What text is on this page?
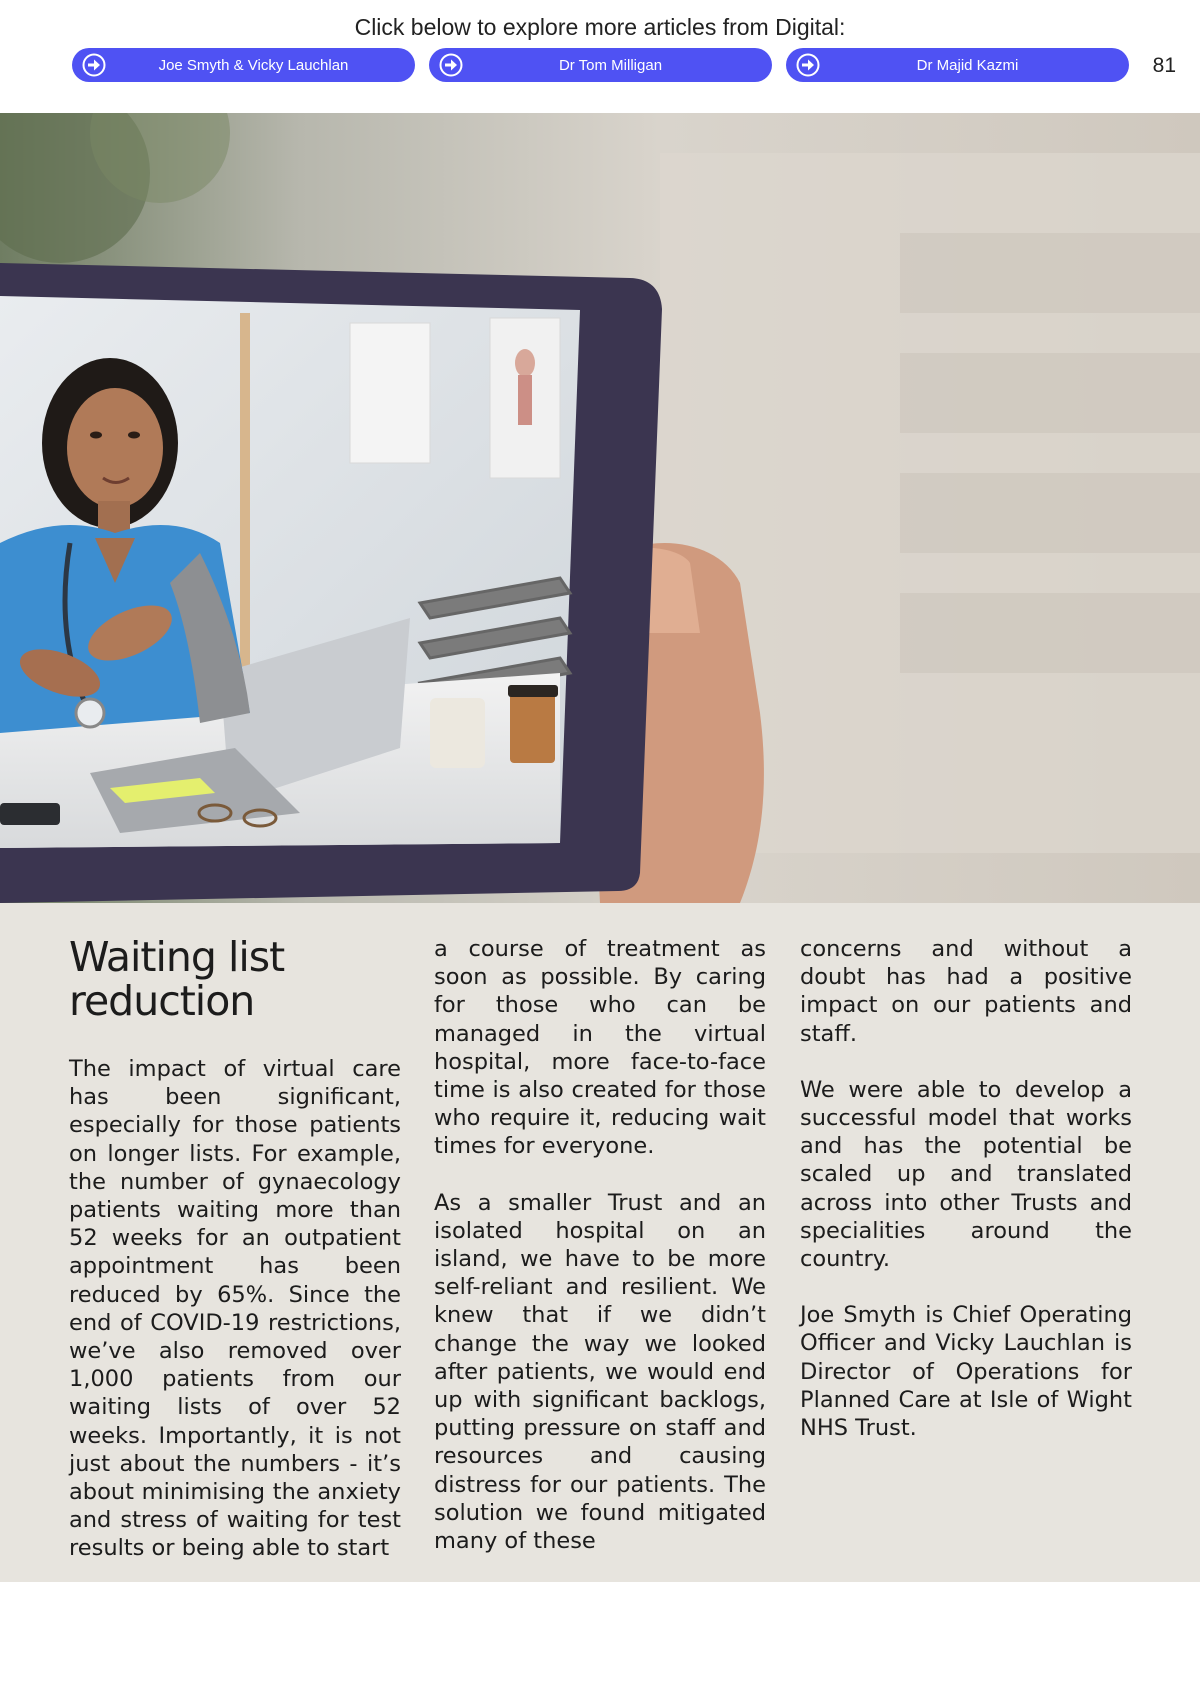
Click below to explore more articles from Digital:
Joe Smyth & Vicky Lauchlan	Dr Tom Milligan	Dr Majid Kazmi	81
Waiting list reduction

The impact of virtual care has been significant, especially for those patients on longer lists. For example, the number of gynaecology patients waiting more than 52 weeks for an outpatient appointment has been reduced by 65%. Since the end of COVID-19 restrictions, we’ve also removed over 1,000 patients from our waiting lists of over 52 weeks. Importantly, it is not just about the numbers - it’s about minimising the anxiety and stress of waiting for test results or being able to start

a course of treatment as soon as possible. By caring for those who can be managed in the virtual hospital, more face-to-face time is also created for those who require it, reducing wait times for everyone.

As a smaller Trust and an isolated hospital on an island, we have to be more self-reliant and resilient. We knew that if we didn’t change the way we looked after patients, we would end up with significant backlogs, putting pressure on staff and resources and causing distress for our patients. The solution we found mitigated many of these

concerns and without a doubt has had a positive impact on our patients and staff.

We were able to develop a successful model that works and has the potential be scaled up and translated across into other Trusts and specialities around the country.

Joe Smyth is Chief Operating Officer and Vicky Lauchlan is Director of Operations for Planned Care at Isle of Wight NHS Trust.
